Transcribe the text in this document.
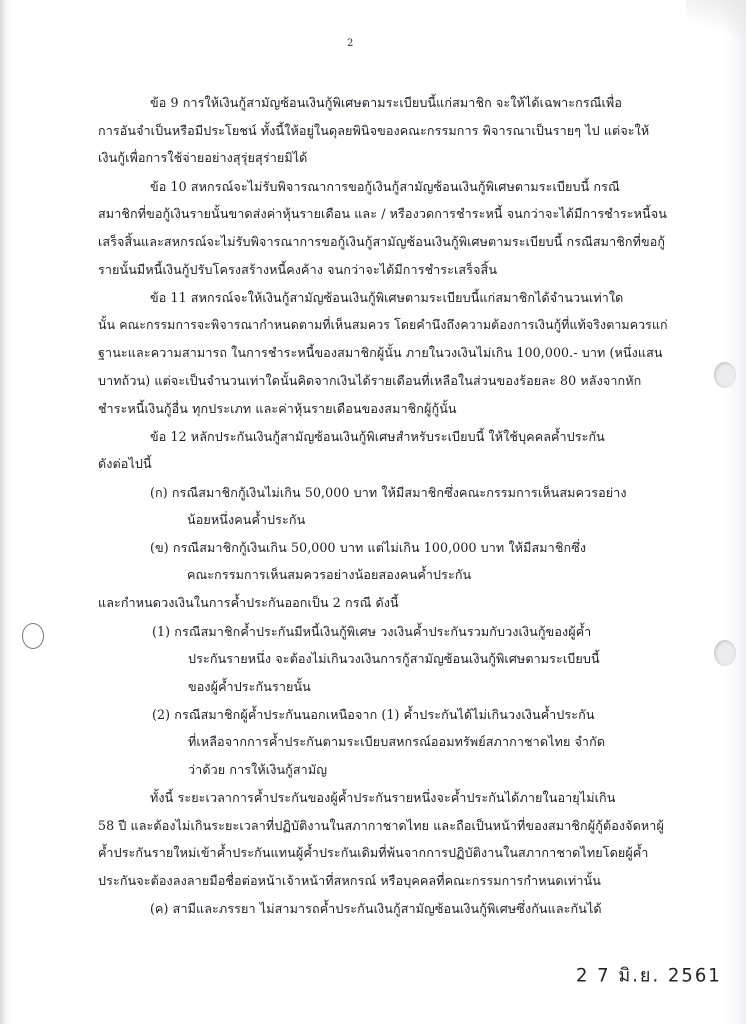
2
ข้อ 9 การให้เงินกู้สามัญซ้อนเงินกู้พิเศษตามระเบียบนี้แก่สมาชิก จะให้ได้เฉพาะกรณีเพื่อ
การอันจำเป็นหรือมีประโยชน์ ทั้งนี้ให้อยู่ในดุลยพินิจของคณะกรรมการ พิจารณาเป็นรายๆ ไป แต่จะให้
เงินกู้เพื่อการใช้จ่ายอย่างสุรุ่ยสุร่ายมิได้
ข้อ 10 สหกรณ์จะไม่รับพิจารณาการขอกู้เงินกู้สามัญซ้อนเงินกู้พิเศษตามระเบียบนี้ กรณี
สมาชิกที่ขอกู้เงินรายนั้นขาดส่งค่าหุ้นรายเดือน และ / หรืองวดการชำระหนี้ จนกว่าจะได้มีการชำระหนี้จน
เสร็จสิ้นและสหกรณ์จะไม่รับพิจารณาการขอกู้เงินกู้สามัญซ้อนเงินกู้พิเศษตามระเบียบนี้ กรณีสมาชิกที่ขอกู้
รายนั้นมีหนี้เงินกู้ปรับโครงสร้างหนี้คงค้าง จนกว่าจะได้มีการชำระเสร็จสิ้น
ข้อ 11 สหกรณ์จะให้เงินกู้สามัญซ้อนเงินกู้พิเศษตามระเบียบนี้แก่สมาชิกได้จำนวนเท่าใด
นั้น คณะกรรมการจะพิจารณากำหนดตามที่เห็นสมควร โดยคำนึงถึงความต้องการเงินกู้ที่แท้จริงตามควรแก่
ฐานะและความสามารถ ในการชำระหนี้ของสมาชิกผู้นั้น ภายในวงเงินไม่เกิน 100,000.- บาท (หนึ่งแสน
บาทถ้วน) แต่จะเป็นจำนวนเท่าใดนั้นคิดจากเงินได้รายเดือนที่เหลือในส่วนของร้อยละ 80 หลังจากหัก
ชำระหนี้เงินกู้อื่น ทุกประเภท และค่าหุ้นรายเดือนของสมาชิกผู้กู้นั้น
ข้อ 12 หลักประกันเงินกู้สามัญซ้อนเงินกู้พิเศษสำหรับระเบียบนี้ ให้ใช้บุคคลค้ำประกัน
ดังต่อไปนี้
(ก) กรณีสมาชิกกู้เงินไม่เกิน 50,000 บาท ให้มีสมาชิกซึ่งคณะกรรมการเห็นสมควรอย่าง
น้อยหนึ่งคนค้ำประกัน
(ข) กรณีสมาชิกกู้เงินเกิน 50,000 บาท แต่ไม่เกิน 100,000 บาท ให้มีสมาชิกซึ่ง
คณะกรรมการเห็นสมควรอย่างน้อยสองคนค้ำประกัน
และกำหนดวงเงินในการค้ำประกันออกเป็น 2 กรณี ดังนี้
(1) กรณีสมาชิกค้ำประกันมีหนี้เงินกู้พิเศษ วงเงินค้ำประกันรวมกับวงเงินกู้ของผู้ค้ำ
ประกันรายหนึ่ง จะต้องไม่เกินวงเงินการกู้สามัญซ้อนเงินกู้พิเศษตามระเบียบนี้
ของผู้ค้ำประกันรายนั้น
(2) กรณีสมาชิกผู้ค้ำประกันนอกเหนือจาก (1) ค้ำประกันได้ไม่เกินวงเงินค้ำประกัน
ที่เหลือจากการค้ำประกันตามระเบียบสหกรณ์ออมทรัพย์สภากาชาดไทย จำกัด
ว่าด้วย การให้เงินกู้สามัญ
ทั้งนี้ ระยะเวลาการค้ำประกันของผู้ค้ำประกันรายหนึ่งจะค้ำประกันได้ภายในอายุไม่เกิน
58 ปี และต้องไม่เกินระยะเวลาที่ปฏิบัติงานในสภากาชาดไทย และถือเป็นหน้าที่ของสมาชิกผู้กู้ต้องจัดหาผู้
ค้ำประกันรายใหม่เข้าค้ำประกันแทนผู้ค้ำประกันเดิมที่พ้นจากการปฏิบัติงานในสภากาชาดไทยโดยผู้ค้ำ
ประกันจะต้องลงลายมือชื่อต่อหน้าเจ้าหน้าที่สหกรณ์ หรือบุคคลที่คณะกรรมการกำหนดเท่านั้น
(ค) สามีและภรรยา ไม่สามารถค้ำประกันเงินกู้สามัญซ้อนเงินกู้พิเศษซึ่งกันและกันได้
2 7 มิ.ย. 2561
